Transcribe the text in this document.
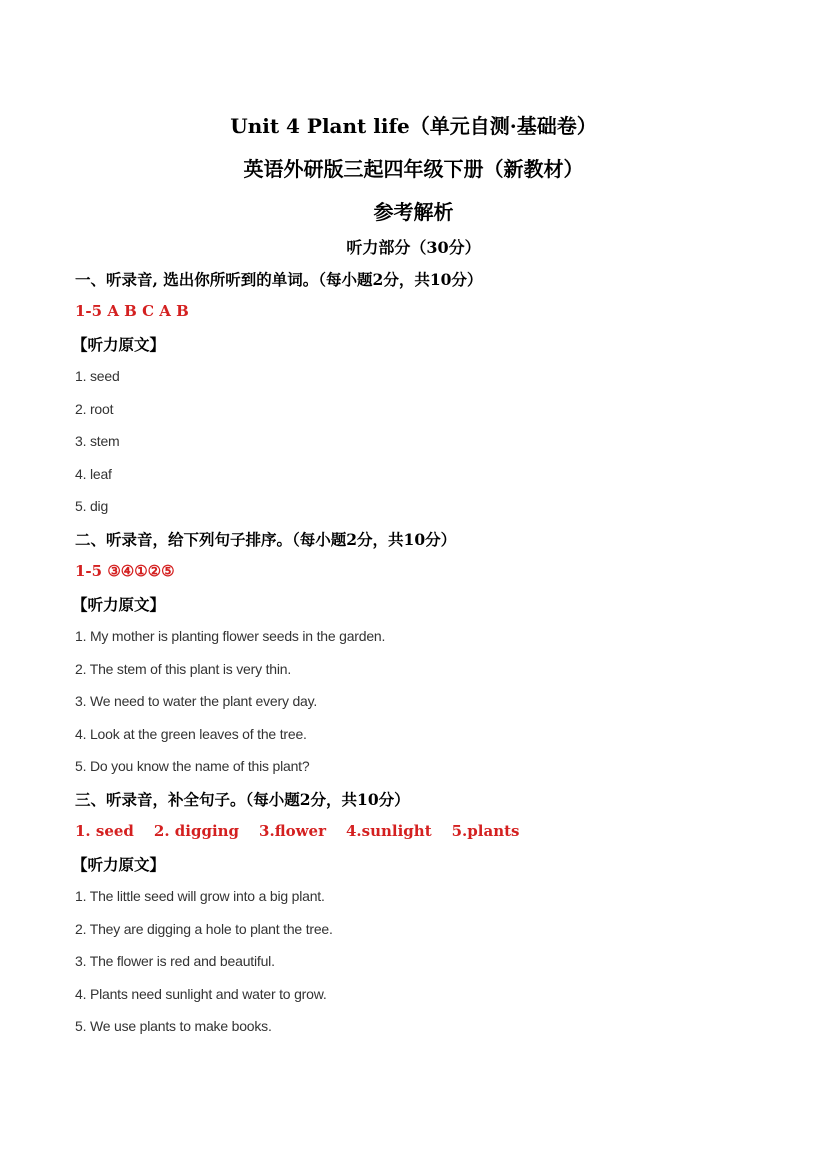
Unit 4 Plant life（单元自测·基础卷）
英语外研版三起四年级下册（新教材）
参考解析
听力部分（30分）
一、听录音, 选出你所听到的单词。（每小题2分，共10分）
1-5 A B C A B
【听力原文】
1. seed
2. root
3. stem
4. leaf
5. dig
二、听录音，给下列句子排序。（每小题2分，共10分）
1-5 ③④①②⑤
【听力原文】
1. My mother is planting flower seeds in the garden.
2. The stem of this plant is very thin.
3. We need to water the plant every day.
4. Look at the green leaves of the tree.
5. Do you know the name of this plant?
三、听录音，补全句子。（每小题2分，共10分）
1. seed 2. digging 3.flower 4.sunlight 5.plants
【听力原文】
1. The little seed will grow into a big plant.
2. They are digging a hole to plant the tree.
3. The flower is red and beautiful.
4. Plants need sunlight and water to grow.
5. We use plants to make books.
